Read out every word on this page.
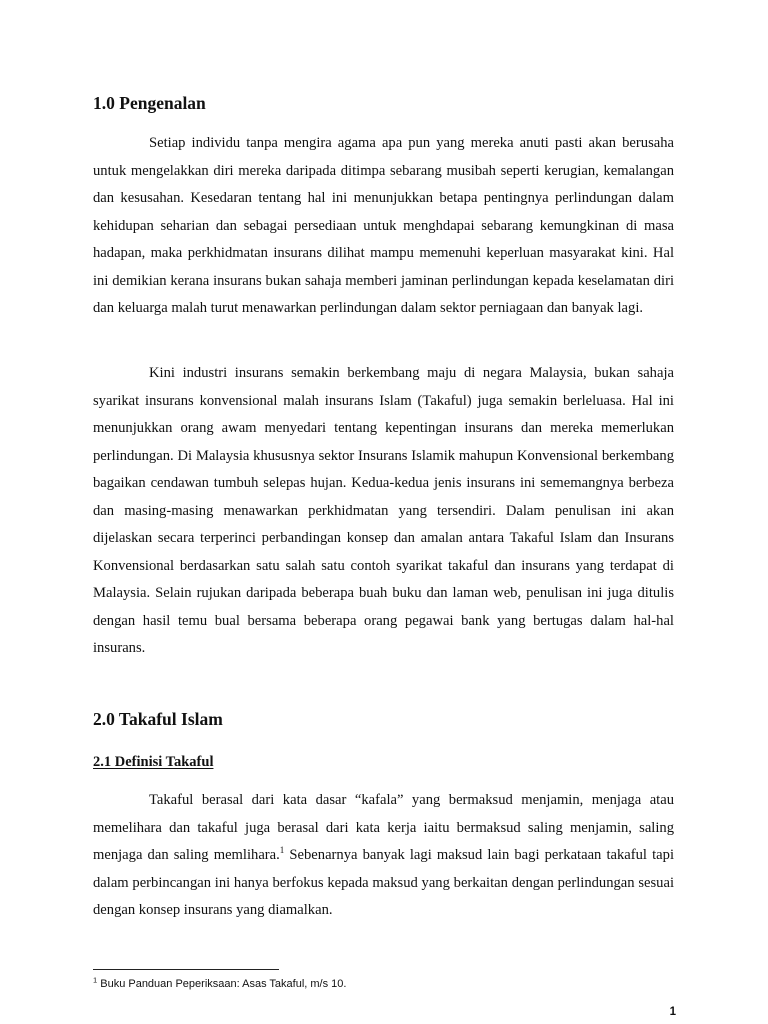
1.0 Pengenalan

Setiap individu tanpa mengira agama apa pun yang mereka anuti pasti akan berusaha untuk mengelakkan diri mereka daripada ditimpa sebarang musibah seperti kerugian, kemalangan dan kesusahan. Kesedaran tentang hal ini menunjukkan betapa pentingnya perlindungan dalam kehidupan seharian dan sebagai persediaan untuk menghdapai sebarang kemungkinan di masa hadapan, maka perkhidmatan insurans dilihat mampu memenuhi keperluan masyarakat kini. Hal ini demikian kerana insurans bukan sahaja memberi jaminan perlindungan kepada keselamatan diri dan keluarga malah turut menawarkan perlindungan dalam sektor perniagaan dan banyak lagi.

Kini industri insurans semakin berkembang maju di negara Malaysia, bukan sahaja syarikat insurans konvensional malah insurans Islam (Takaful) juga semakin berleluasa. Hal ini menunjukkan orang awam menyedari tentang kepentingan insurans dan mereka memerlukan perlindungan. Di Malaysia khususnya sektor Insurans Islamik mahupun Konvensional berkembang bagaikan cendawan tumbuh selepas hujan. Kedua-kedua jenis insurans ini sememangnya berbeza dan masing-masing menawarkan perkhidmatan yang tersendiri. Dalam penulisan ini akan dijelaskan secara terperinci perbandingan konsep dan amalan antara Takaful Islam dan Insurans Konvensional berdasarkan satu salah satu contoh syarikat takaful dan insurans yang terdapat di Malaysia. Selain rujukan daripada beberapa buah buku dan laman web, penulisan ini juga ditulis dengan hasil temu bual bersama beberapa orang pegawai bank yang bertugas dalam hal-hal insurans.

2.0 Takaful Islam
2.1 Definisi Takaful

Takaful berasal dari kata dasar “kafala” yang bermaksud menjamin, menjaga atau memelihara dan takaful juga berasal dari kata kerja iaitu bermaksud saling menjamin, saling menjaga dan saling memlihara.$^1$ Sebenarnya banyak lagi maksud lain bagi perkataan takaful tapi dalam perbincangan ini hanya berfokus kepada maksud yang berkaitan dengan perlindungan sesuai dengan konsep insurans yang diamalkan.

$^1$ Buku Panduan Peperiksaan: Asas Takaful, m/s 10.

1
